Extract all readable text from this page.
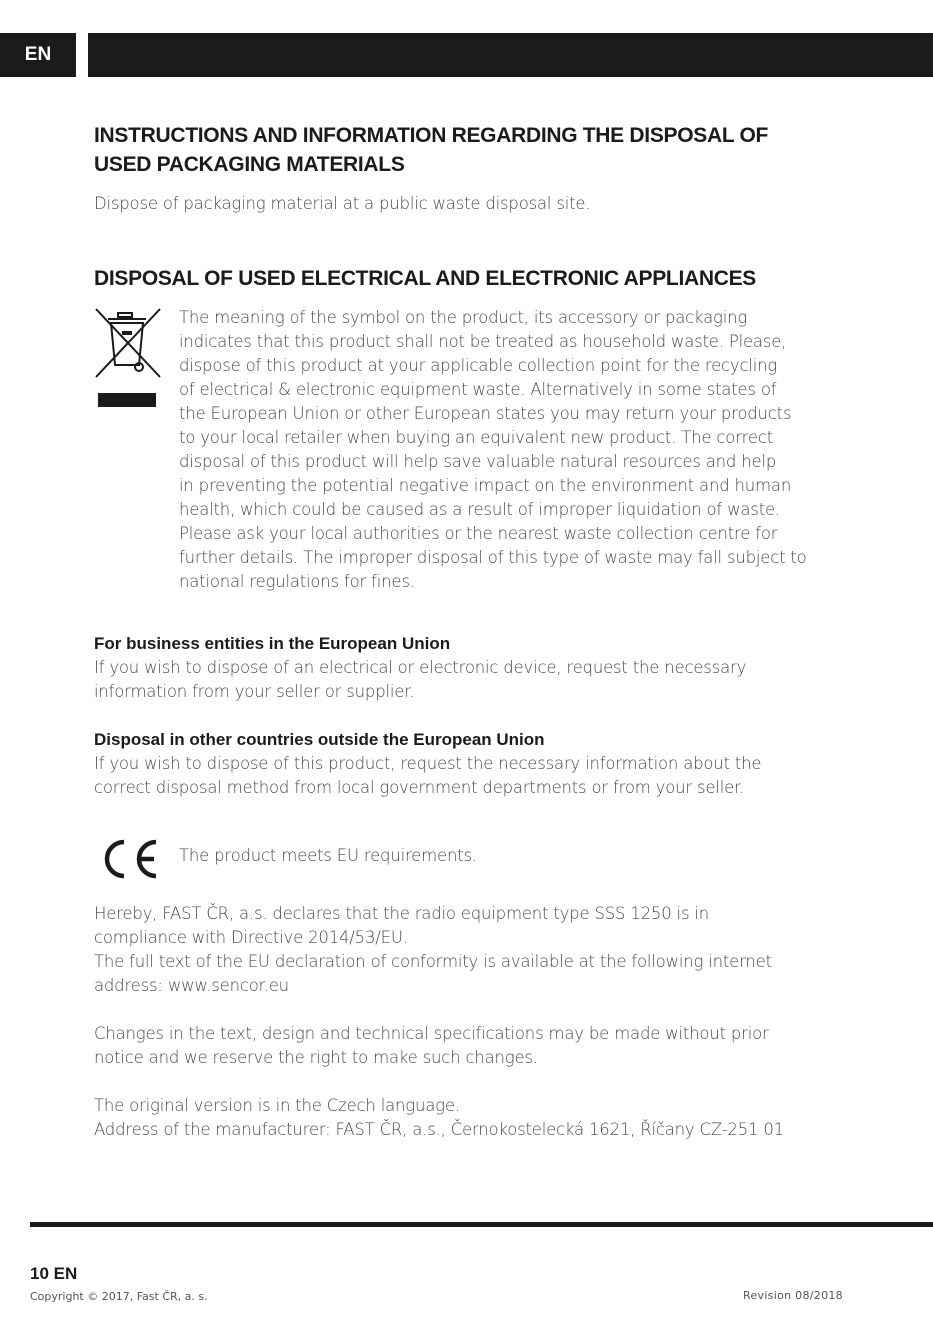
EN
INSTRUCTIONS AND INFORMATION REGARDING THE DISPOSAL OF
USED PACKAGING MATERIALS

Dispose of packaging material at a public waste disposal site.

DISPOSAL OF USED ELECTRICAL AND ELECTRONIC APPLIANCES

The meaning of the symbol on the product, its accessory or packaging
indicates that this product shall not be treated as household waste. Please,
dispose of this product at your applicable collection point for the recycling
of electrical & electronic equipment waste. Alternatively in some states of
the European Union or other European states you may return your products
to your local retailer when buying an equivalent new product. The correct
disposal of this product will help save valuable natural resources and help
in preventing the potential negative impact on the environment and human
health, which could be caused as a result of improper liquidation of waste.
Please ask your local authorities or the nearest waste collection centre for
further details. The improper disposal of this type of waste may fall subject to
national regulations for fines.

For business entities in the European Union

If you wish to dispose of an electrical or electronic device, request the necessary
information from your seller or supplier.

Disposal in other countries outside the European Union

If you wish to dispose of this product, request the necessary information about the
correct disposal method from local government departments or from your seller.

The product meets EU requirements.

Hereby, FAST ČR, a.s. declares that the radio equipment type SSS 1250 is in
compliance with Directive 2014/53/EU.
The full text of the EU declaration of conformity is available at the following internet
address: www.sencor.eu

Changes in the text, design and technical specifications may be made without prior
notice and we reserve the right to make such changes.

The original version is in the Czech language.
Address of the manufacturer: FAST ČR, a.s., Černokostelecká 1621, Říčany CZ-251 01

10 EN
Copyright © 2017, Fast ČR, a. s.	Revision 08/2018
